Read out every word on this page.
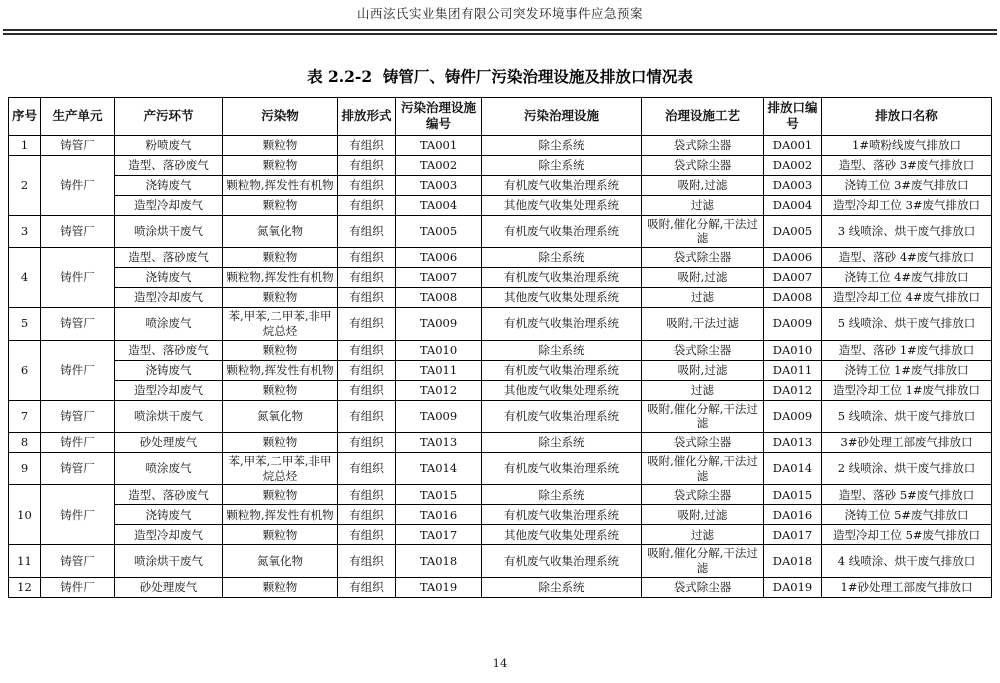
山西泫氏实业集团有限公司突发环境事件应急预案
表 2.2-2  铸管厂、铸件厂污染治理设施及排放口情况表
序号	生产单元	产污环节	污染物	排放形式	污染治理设施编号	污染治理设施	治理设施工艺	排放口编号	排放口名称
1	铸管厂	粉喷废气	颗粒物	有组织	TA001	除尘系统	袋式除尘器	DA001	1#喷粉线废气排放口
2	铸件厂	造型、落砂废气	颗粒物	有组织	TA002	除尘系统	袋式除尘器	DA002	造型、落砂 3#废气排放口
		浇铸废气	颗粒物,挥发性有机物	有组织	TA003	有机废气收集治理系统	吸附,过滤	DA003	浇铸工位 3#废气排放口
		造型冷却废气	颗粒物	有组织	TA004	其他废气收集处理系统	过滤	DA004	造型冷却工位 3#废气排放口
3	铸管厂	喷涂烘干废气	氮氧化物	有组织	TA005	有机废气收集治理系统	吸附,催化分解,干法过滤	DA005	3 线喷涂、烘干废气排放口
4	铸件厂	造型、落砂废气	颗粒物	有组织	TA006	除尘系统	袋式除尘器	DA006	造型、落砂 4#废气排放口
		浇铸废气	颗粒物,挥发性有机物	有组织	TA007	有机废气收集治理系统	吸附,过滤	DA007	浇铸工位 4#废气排放口
		造型冷却废气	颗粒物	有组织	TA008	其他废气收集处理系统	过滤	DA008	造型冷却工位 4#废气排放口
5	铸管厂	喷涂废气	苯,甲苯,二甲苯,非甲烷总烃	有组织	TA009	有机废气收集治理系统	吸附,干法过滤	DA009	5 线喷涂、烘干废气排放口
6	铸件厂	造型、落砂废气	颗粒物	有组织	TA010	除尘系统	袋式除尘器	DA010	造型、落砂 1#废气排放口
		浇铸废气	颗粒物,挥发性有机物	有组织	TA011	有机废气收集治理系统	吸附,过滤	DA011	浇铸工位 1#废气排放口
		造型冷却废气	颗粒物	有组织	TA012	其他废气收集处理系统	过滤	DA012	造型冷却工位 1#废气排放口
7	铸管厂	喷涂烘干废气	氮氧化物	有组织	TA009	有机废气收集治理系统	吸附,催化分解,干法过滤	DA009	5 线喷涂、烘干废气排放口
8	铸件厂	砂处理废气	颗粒物	有组织	TA013	除尘系统	袋式除尘器	DA013	3#砂处理工部废气排放口
9	铸管厂	喷涂废气	苯,甲苯,二甲苯,非甲烷总烃	有组织	TA014	有机废气收集治理系统	吸附,催化分解,干法过滤	DA014	2 线喷涂、烘干废气排放口
10	铸件厂	造型、落砂废气	颗粒物	有组织	TA015	除尘系统	袋式除尘器	DA015	造型、落砂 5#废气排放口
		浇铸废气	颗粒物,挥发性有机物	有组织	TA016	有机废气收集治理系统	吸附,过滤	DA016	浇铸工位 5#废气排放口
		造型冷却废气	颗粒物	有组织	TA017	其他废气收集处理系统	过滤	DA017	造型冷却工位 5#废气排放口
11	铸管厂	喷涂烘干废气	氮氧化物	有组织	TA018	有机废气收集治理系统	吸附,催化分解,干法过滤	DA018	4 线喷涂、烘干废气排放口
12	铸件厂	砂处理废气	颗粒物	有组织	TA019	除尘系统	袋式除尘器	DA019	1#砂处理工部废气排放口
14
